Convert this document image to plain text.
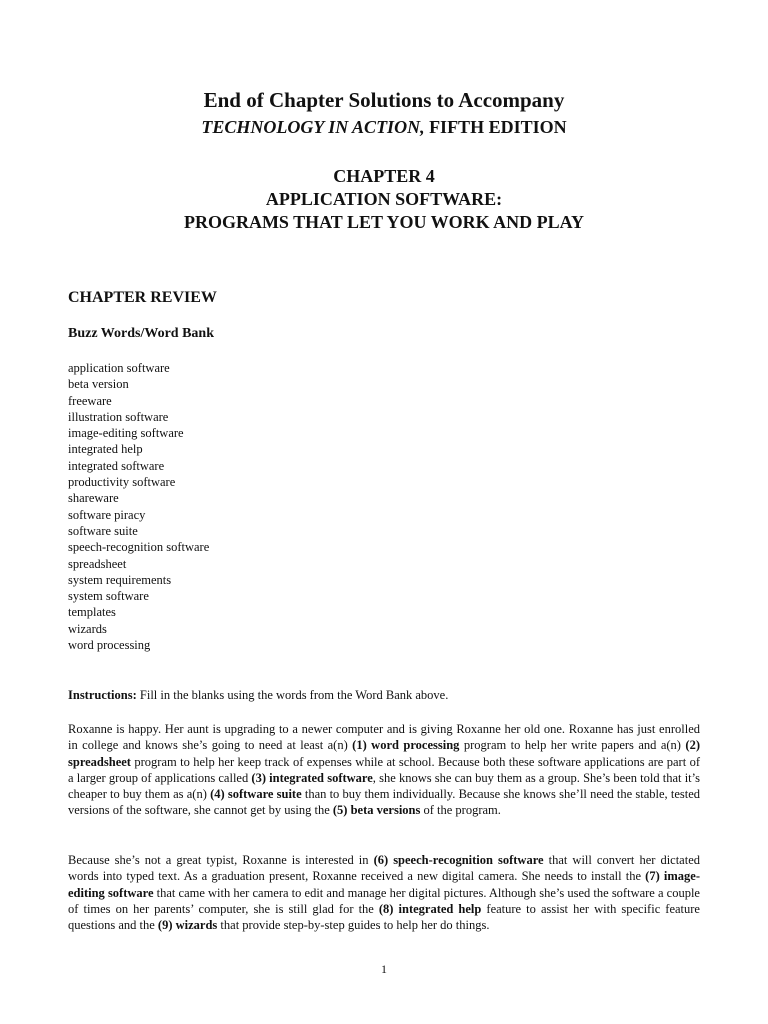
End of Chapter Solutions to Accompany
TECHNOLOGY IN ACTION, FIFTH EDITION
CHAPTER 4
APPLICATION SOFTWARE:
PROGRAMS THAT LET YOU WORK AND PLAY
CHAPTER REVIEW
Buzz Words/Word Bank
application software
beta version
freeware
illustration software
image-editing software
integrated help
integrated software
productivity software
shareware
software piracy
software suite
speech-recognition software
spreadsheet
system requirements
system software
templates
wizards
word processing

Instructions: Fill in the blanks using the words from the Word Bank above.

Roxanne is happy. Her aunt is upgrading to a newer computer and is giving Roxanne her old one. Roxanne has just enrolled in college and knows she’s going to need at least a(n) (1) word processing program to help her write papers and a(n) (2) spreadsheet program to help her keep track of expenses while at school. Because both these software applications are part of a larger group of applications called (3) integrated software, she knows she can buy them as a group. She’s been told that it’s cheaper to buy them as a(n) (4) software suite than to buy them individually. Because she knows she’ll need the stable, tested versions of the software, she cannot get by using the (5) beta versions of the program.

Because she’s not a great typist, Roxanne is interested in (6) speech-recognition software that will convert her dictated words into typed text. As a graduation present, Roxanne received a new digital camera. She needs to install the (7) image-editing software that came with her camera to edit and manage her digital pictures. Although she’s used the software a couple of times on her parents’ computer, she is still glad for the (8) integrated help feature to assist her with specific feature questions and the (9) wizards that provide step-by-step guides to help her do things.

1
